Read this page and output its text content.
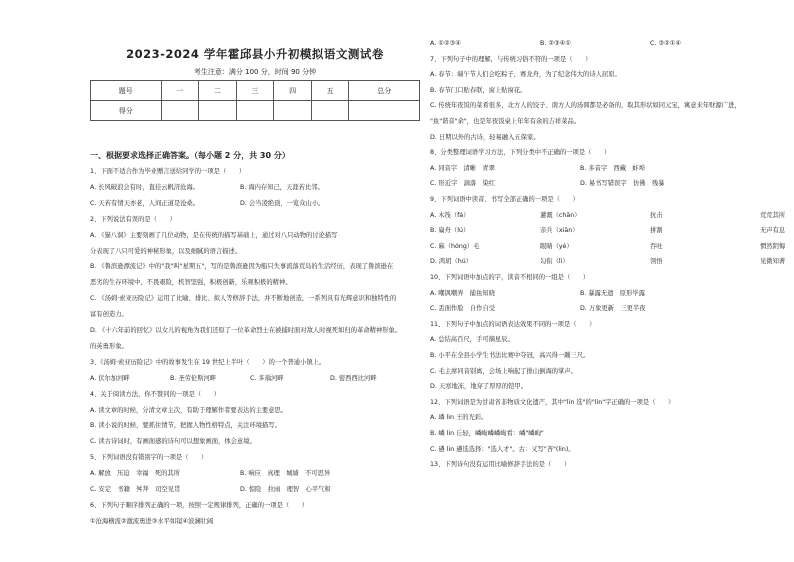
2023-2024 学年霍邱县小升初模拟语文测试卷
考生注意：满分 100 分，时间 90 分钟
题号	一	二	三	四	五	总分
得分						
一、根据要求选择正确答案。（每小题 2 分，共 30 分）
1、下面不适合作为毕业赠言送给同学的一项是（　　）
A. 长风破浪会有时，直挂云帆济沧海。	B. 海内存知己，天涯若比邻。
C. 天若有情天亦老，人间正道是沧桑。	D. 会当凌绝顶，一览众山小。
2、下列说法有误的是（　　）
A. 《猫八洞》主要刻画了几位动物，是在传统的描写基础上，通过对八只动物的讨论描写
分表现了八只可爱的神秘形象，以及细腻的语言描述。
B. 《鲁滨逊漂流记》中的"我"叫"星期五"，写的是鲁滨逊因为船只失事流落荒岛的生活经历，表现了鲁滨逊在
恶劣的生存环境中，不畏艰险，机智坚强，积极创新，乐观积极的精神。
C. 《汤姆·索亚历险记》运用了比喻、排比、拟人等修辞手法，并不断地创造，一系列具有光辉意识和独特性的
富有创造力。
D. 《十六年前的回忆》以女儿的视角为我们还原了一位革命烈士在被捕时面对敌人时视死如归的革命精神形象。
的英勇形象。
3、《汤姆·索亚历险记》中的故事发生在 19 世纪上半叶（　　）的一个普通小镇上。
A. 伏尔加河畔	B. 圣劳伦斯河畔	C. 多瑙河畔	D. 密西西比河畔
4、关于阅读方法，你不赞同的一项是（　　）
A. 读文章的时候，分清文章主次，有助于理解作者要表达的主要意思。
B. 读小说的时候，要抓住情节，把握人物性格特点，关注环境描写。
C. 读古诗词时，有画面感的诗句可以想象画面，体会意境。
5、下列词语没有错别字的一项是（　　）
A. 解放　压迫　幸福　死的其所	B. 响应　真理　城墙　不可思异
C. 安定　书籍　舛拜　司空见贯	D. 惊险　拉雨　理智　心平气和
6、下列句子顺序排列正确的一项，按照一定规律排列，正确的一项是（　　）
①沧海横流②激流勇进③水平如镜④波澜壮阔
A. ①②③④	B. ②③④①	C. ③②①④
7、下列句子中的理解，与传统习俗不符的一项是（　　）
A. 春节：端午节人们会吃粽子，赛龙舟，为了纪念伟大的诗人屈原。
B. 春节门口贴春联，窗上贴窗花。
C. 传统年夜饭的菜肴很多，北方人的饺子、南方人的汤圆都是必备的，取其形状如同元宝，寓意来年财源广进，
"鱼"谐音"余"，也是年夜饭桌上年年有余的吉祥菜品。
D. 日期以外的古诗，轻易融入五保家。
8、分类整理词语学习方法，下列分类中不正确的一项是（　　）
A. 同音字　清晰　青翠	B. 多音字　西藏　蚌埠
C. 形近字　滴落　染红	D. 易书写错误字　仿佛　残暴
9、下列词语中读音、书写全部正确的一项是（　　）
A. 木筏（fá）	灌溉（chān）	抗击	荒荒其所
B. 扁舟（lú）	亲兵（xiān）	拼割	无声有息
C. 麻（hóng）毛	眼睛（yè）	吞吐	惘然阴悔
D. 鸿胡（hú）	勾衔（lì）	领悟	见微知著
10、下列词语中加点的字，读音不相同的一组是（　　）
A. 嘲讽嘲弄　捕鱼知晓	B. 暴露无遗　原形毕露
C. 丢面作脸　自作自受	D. 万象更新　三更半夜
11、下列句子中加点的词语表达效果不同的一项是（　　）
A. 总结高百尺，手可摘星辰。
B. 小平在全县小学生书法比赛中夺冠，高兴得一蹦三尺。
C. 毛主席同音别离，会场上响起了排山倒海的掌声。
D. 天寒地冻，地穿了厚厚的铠甲。
12、下列词语是为甘肃省非物质文化遗产，其中"lin 选"的"lin"字正确的一项是（　　）
A. 璘 lin 王的光彩。
B. 嶙 lin 丘轻，嶙峋嶙嶙峋看：嶙"嶙峋"
C. 遴 lin 遴选选择："选人才"。古：又写"吝"(lin)。
13、下列诗句没有运用比喻修辞手法的是（　　）
